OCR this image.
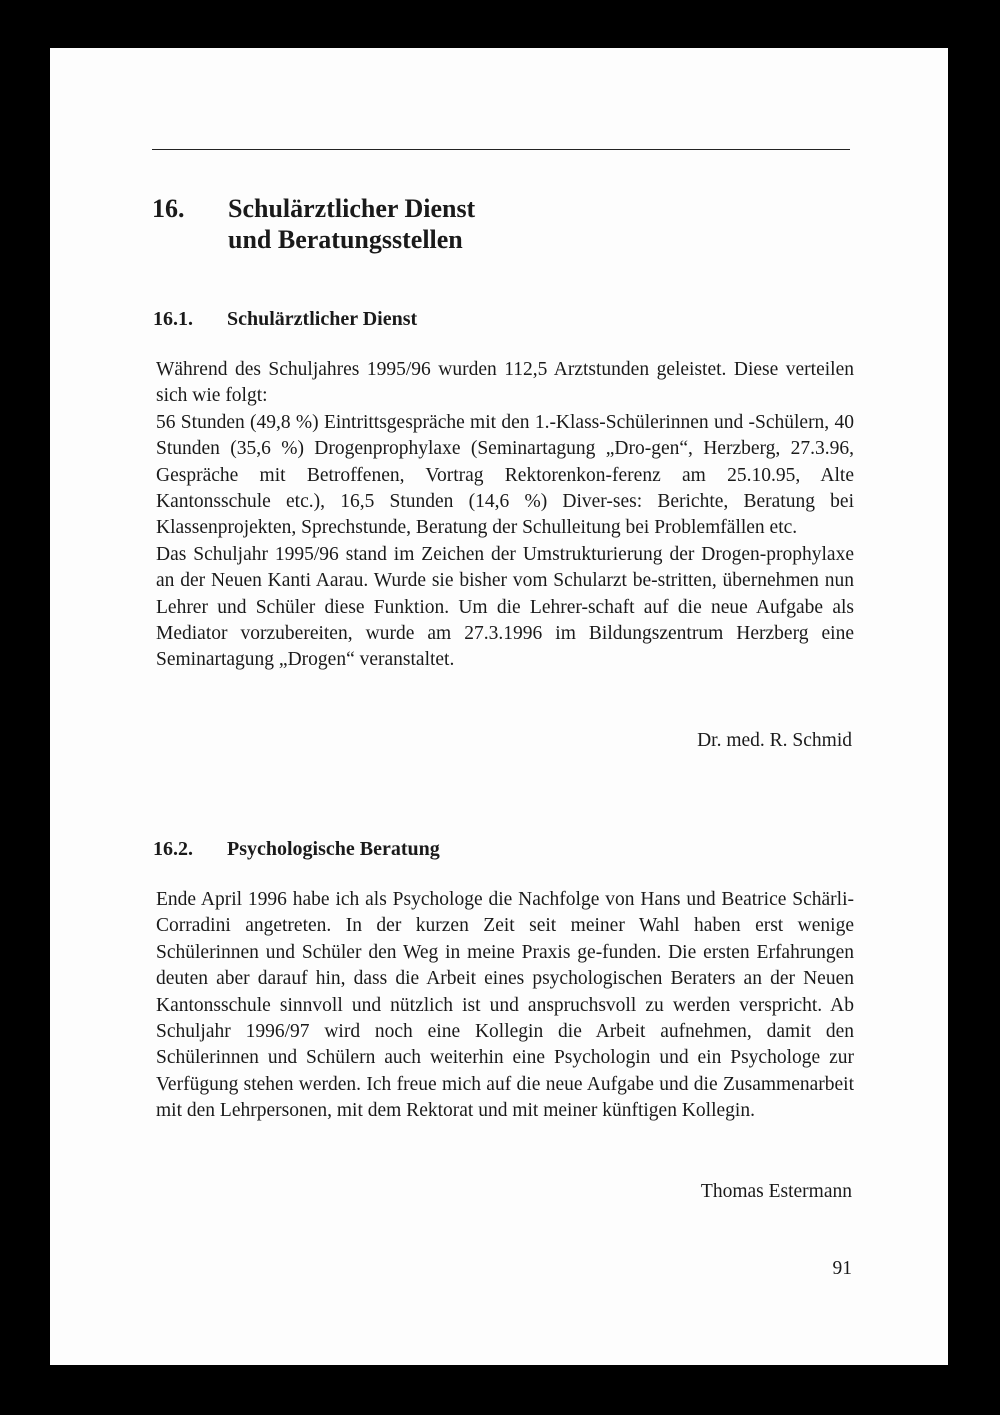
16. Schulärztlicher Dienst
und Beratungsstellen
16.1. Schulärztlicher Dienst

Während des Schuljahres 1995/96 wurden 112,5 Arztstunden geleistet. Diese verteilen sich wie folgt:

56 Stunden (49,8 %) Eintrittsgespräche mit den 1.-Klass-Schülerinnen und -Schülern, 40 Stunden (35,6 %) Drogenprophylaxe (Seminartagung „Dro-gen“, Herzberg, 27.3.96, Gespräche mit Betroffenen, Vortrag Rektorenkon-ferenz am 25.10.95, Alte Kantonsschule etc.), 16,5 Stunden (14,6 %) Diver-ses: Berichte, Beratung bei Klassenprojekten, Sprechstunde, Beratung der Schulleitung bei Problemfällen etc.

Das Schuljahr 1995/96 stand im Zeichen der Umstrukturierung der Drogen-prophylaxe an der Neuen Kanti Aarau. Wurde sie bisher vom Schularzt be-stritten, übernehmen nun Lehrer und Schüler diese Funktion. Um die Lehrer-schaft auf die neue Aufgabe als Mediator vorzubereiten, wurde am 27.3.1996 im Bildungszentrum Herzberg eine Seminartagung „Drogen“ veranstaltet.

Dr. med. R. Schmid
16.2. Psychologische Beratung

Ende April 1996 habe ich als Psychologe die Nachfolge von Hans und Beatrice Schärli-Corradini angetreten. In der kurzen Zeit seit meiner Wahl haben erst wenige Schülerinnen und Schüler den Weg in meine Praxis ge-funden. Die ersten Erfahrungen deuten aber darauf hin, dass die Arbeit eines psychologischen Beraters an der Neuen Kantonsschule sinnvoll und nützlich ist und anspruchsvoll zu werden verspricht. Ab Schuljahr 1996/97 wird noch eine Kollegin die Arbeit aufnehmen, damit den Schülerinnen und Schülern auch weiterhin eine Psychologin und ein Psychologe zur Verfügung stehen werden. Ich freue mich auf die neue Aufgabe und die Zusammenarbeit mit den Lehrpersonen, mit dem Rektorat und mit meiner künftigen Kollegin.

Thomas Estermann
91
